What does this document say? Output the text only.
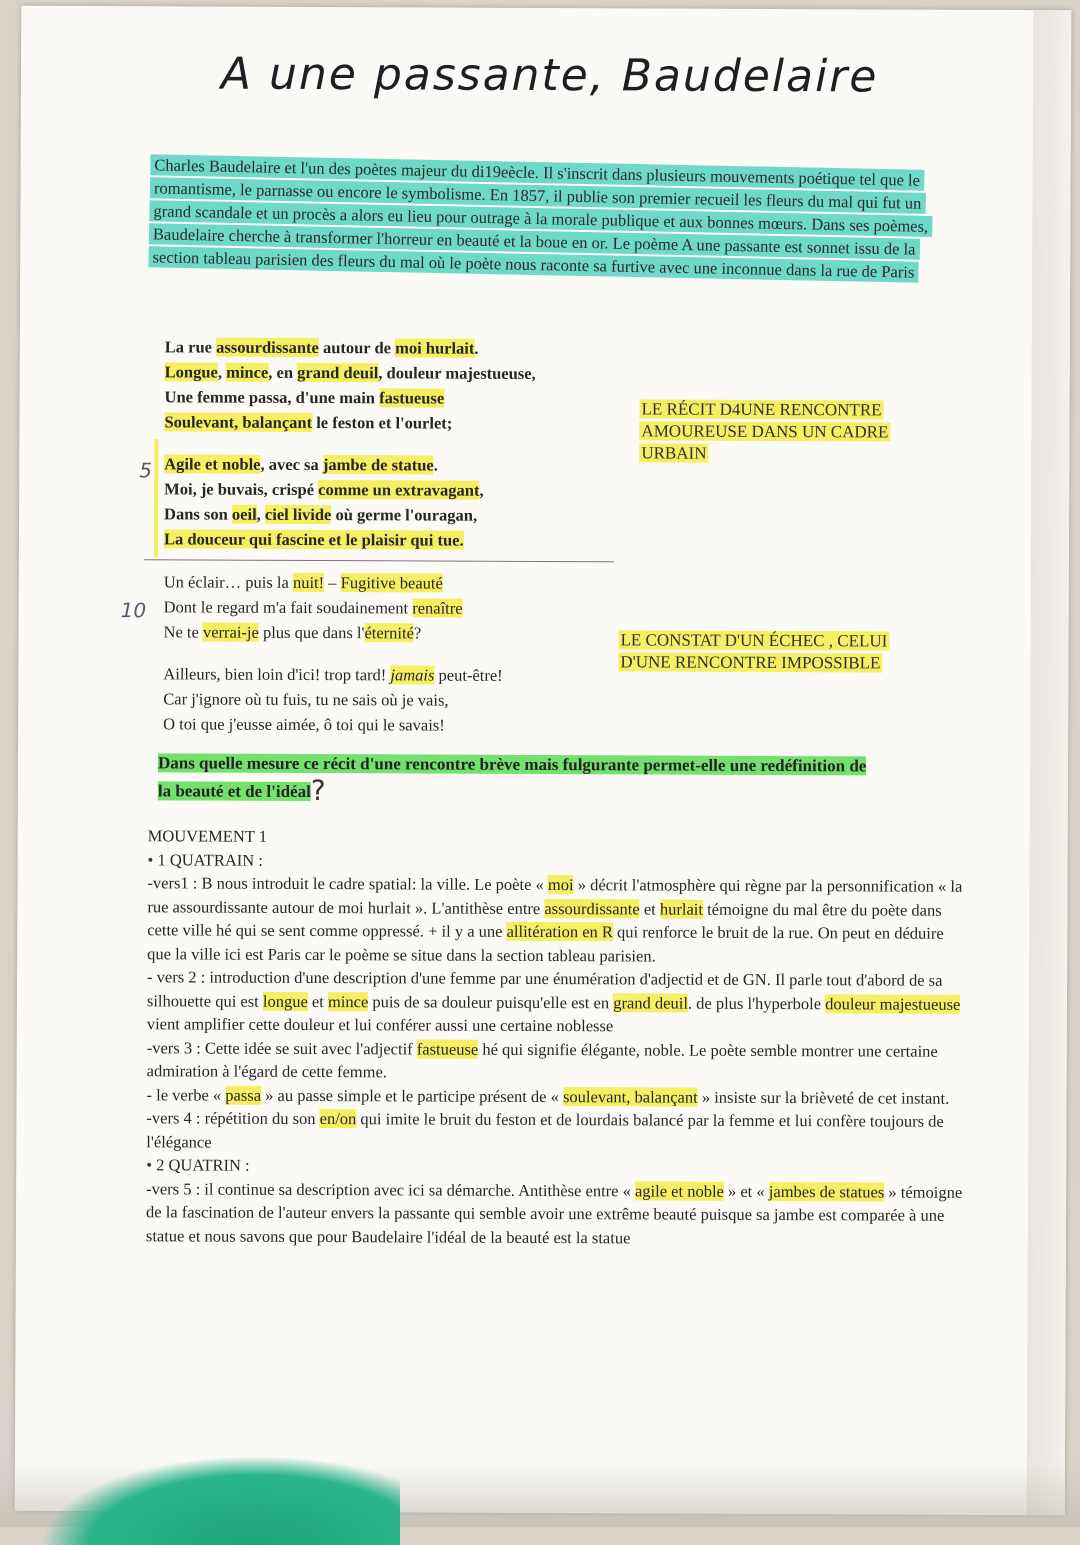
A une passante, Baudelaire
Charles Baudelaire et l'un des poètes majeur du di19eècle. Il s'inscrit dans plusieurs mouvements poétique tel que le romantisme, le parnasse ou encore le symbolisme. En 1857, il publie son premier recueil les fleurs du mal qui fut un grand scandale et un procès a alors eu lieu pour outrage à la morale publique et aux bonnes mœurs. Dans ses poèmes, Baudelaire cherche à transformer l'horreur en beauté et la boue en or. Le poème A une passante est sonnet issu de la section tableau parisien des fleurs du mal où le poète nous raconte sa furtive avec une inconnue dans la rue de Paris
5
10
La rue assourdissante autour de moi hurlait.
Longue, mince, en grand deuil, douleur majestueuse,
Une femme passa, d'une main fastueuse
Soulevant, balançant le feston et l'ourlet;
Agile et noble, avec sa jambe de statue.
Moi, je buvais, crispé comme un extravagant,
Dans son oeil, ciel livide où germe l'ouragan,
La douceur qui fascine et le plaisir qui tue.
Un éclair… puis la nuit! – Fugitive beauté
Dont le regard m'a fait soudainement renaître
Ne te verrai-je plus que dans l'éternité?
Ailleurs, bien loin d'ici! trop tard! jamais peut-être!
Car j'ignore où tu fuis, tu ne sais où je vais,
O toi que j'eusse aimée, ô toi qui le savais!
LE RÉCIT D4UNE RENCONTRE
AMOUREUSE DANS UN CADRE
URBAIN
LE CONSTAT D'UN ÉCHEC , CELUI
D'UNE RENCONTRE IMPOSSIBLE
Dans quelle mesure ce récit d'une rencontre brève mais fulgurante permet-elle une redéfinition de la beauté et de l'idéal?

MOUVEMENT 1

• 1 QUATRAIN :

-vers1 : B nous introduit le cadre spatial: la ville. Le poète « moi » décrit l'atmosphère qui règne par la personnification « la rue assourdissante autour de moi hurlait ». L'antithèse entre assourdissante et hurlait témoigne du mal être du poète dans cette ville hé qui se sent comme oppressé. + il y a une allitération en R qui renforce le bruit de la rue. On peut en déduire que la ville ici est Paris car le poème se situe dans la section tableau parisien.

- vers 2 : introduction d'une description d'une femme par une énumération d'adjectid et de GN. Il parle tout d'abord de sa silhouette qui est longue et mince puis de sa douleur puisqu'elle est en grand deuil. de plus l'hyperbole douleur majestueuse vient amplifier cette douleur et lui conférer aussi une certaine noblesse

-vers 3 : Cette idée se suit avec l'adjectif fastueuse hé qui signifie élégante, noble. Le poète semble montrer une certaine admiration à l'égard de cette femme.

- le verbe « passa » au passe simple et le participe présent de « soulevant, balançant » insiste sur la brièveté de cet instant.

-vers 4 : répétition du son en/on qui imite le bruit du feston et de lourdais balancé par la femme et lui confère toujours de l'élégance

• 2 QUATRIN :

-vers 5 : il continue sa description avec ici sa démarche. Antithèse entre « agile et noble » et « jambes de statues » témoigne de la fascination de l'auteur envers la passante qui semble avoir une extrême beauté puisque sa jambe est comparée à une statue et nous savons que pour Baudelaire l'idéal de la beauté est la statue
